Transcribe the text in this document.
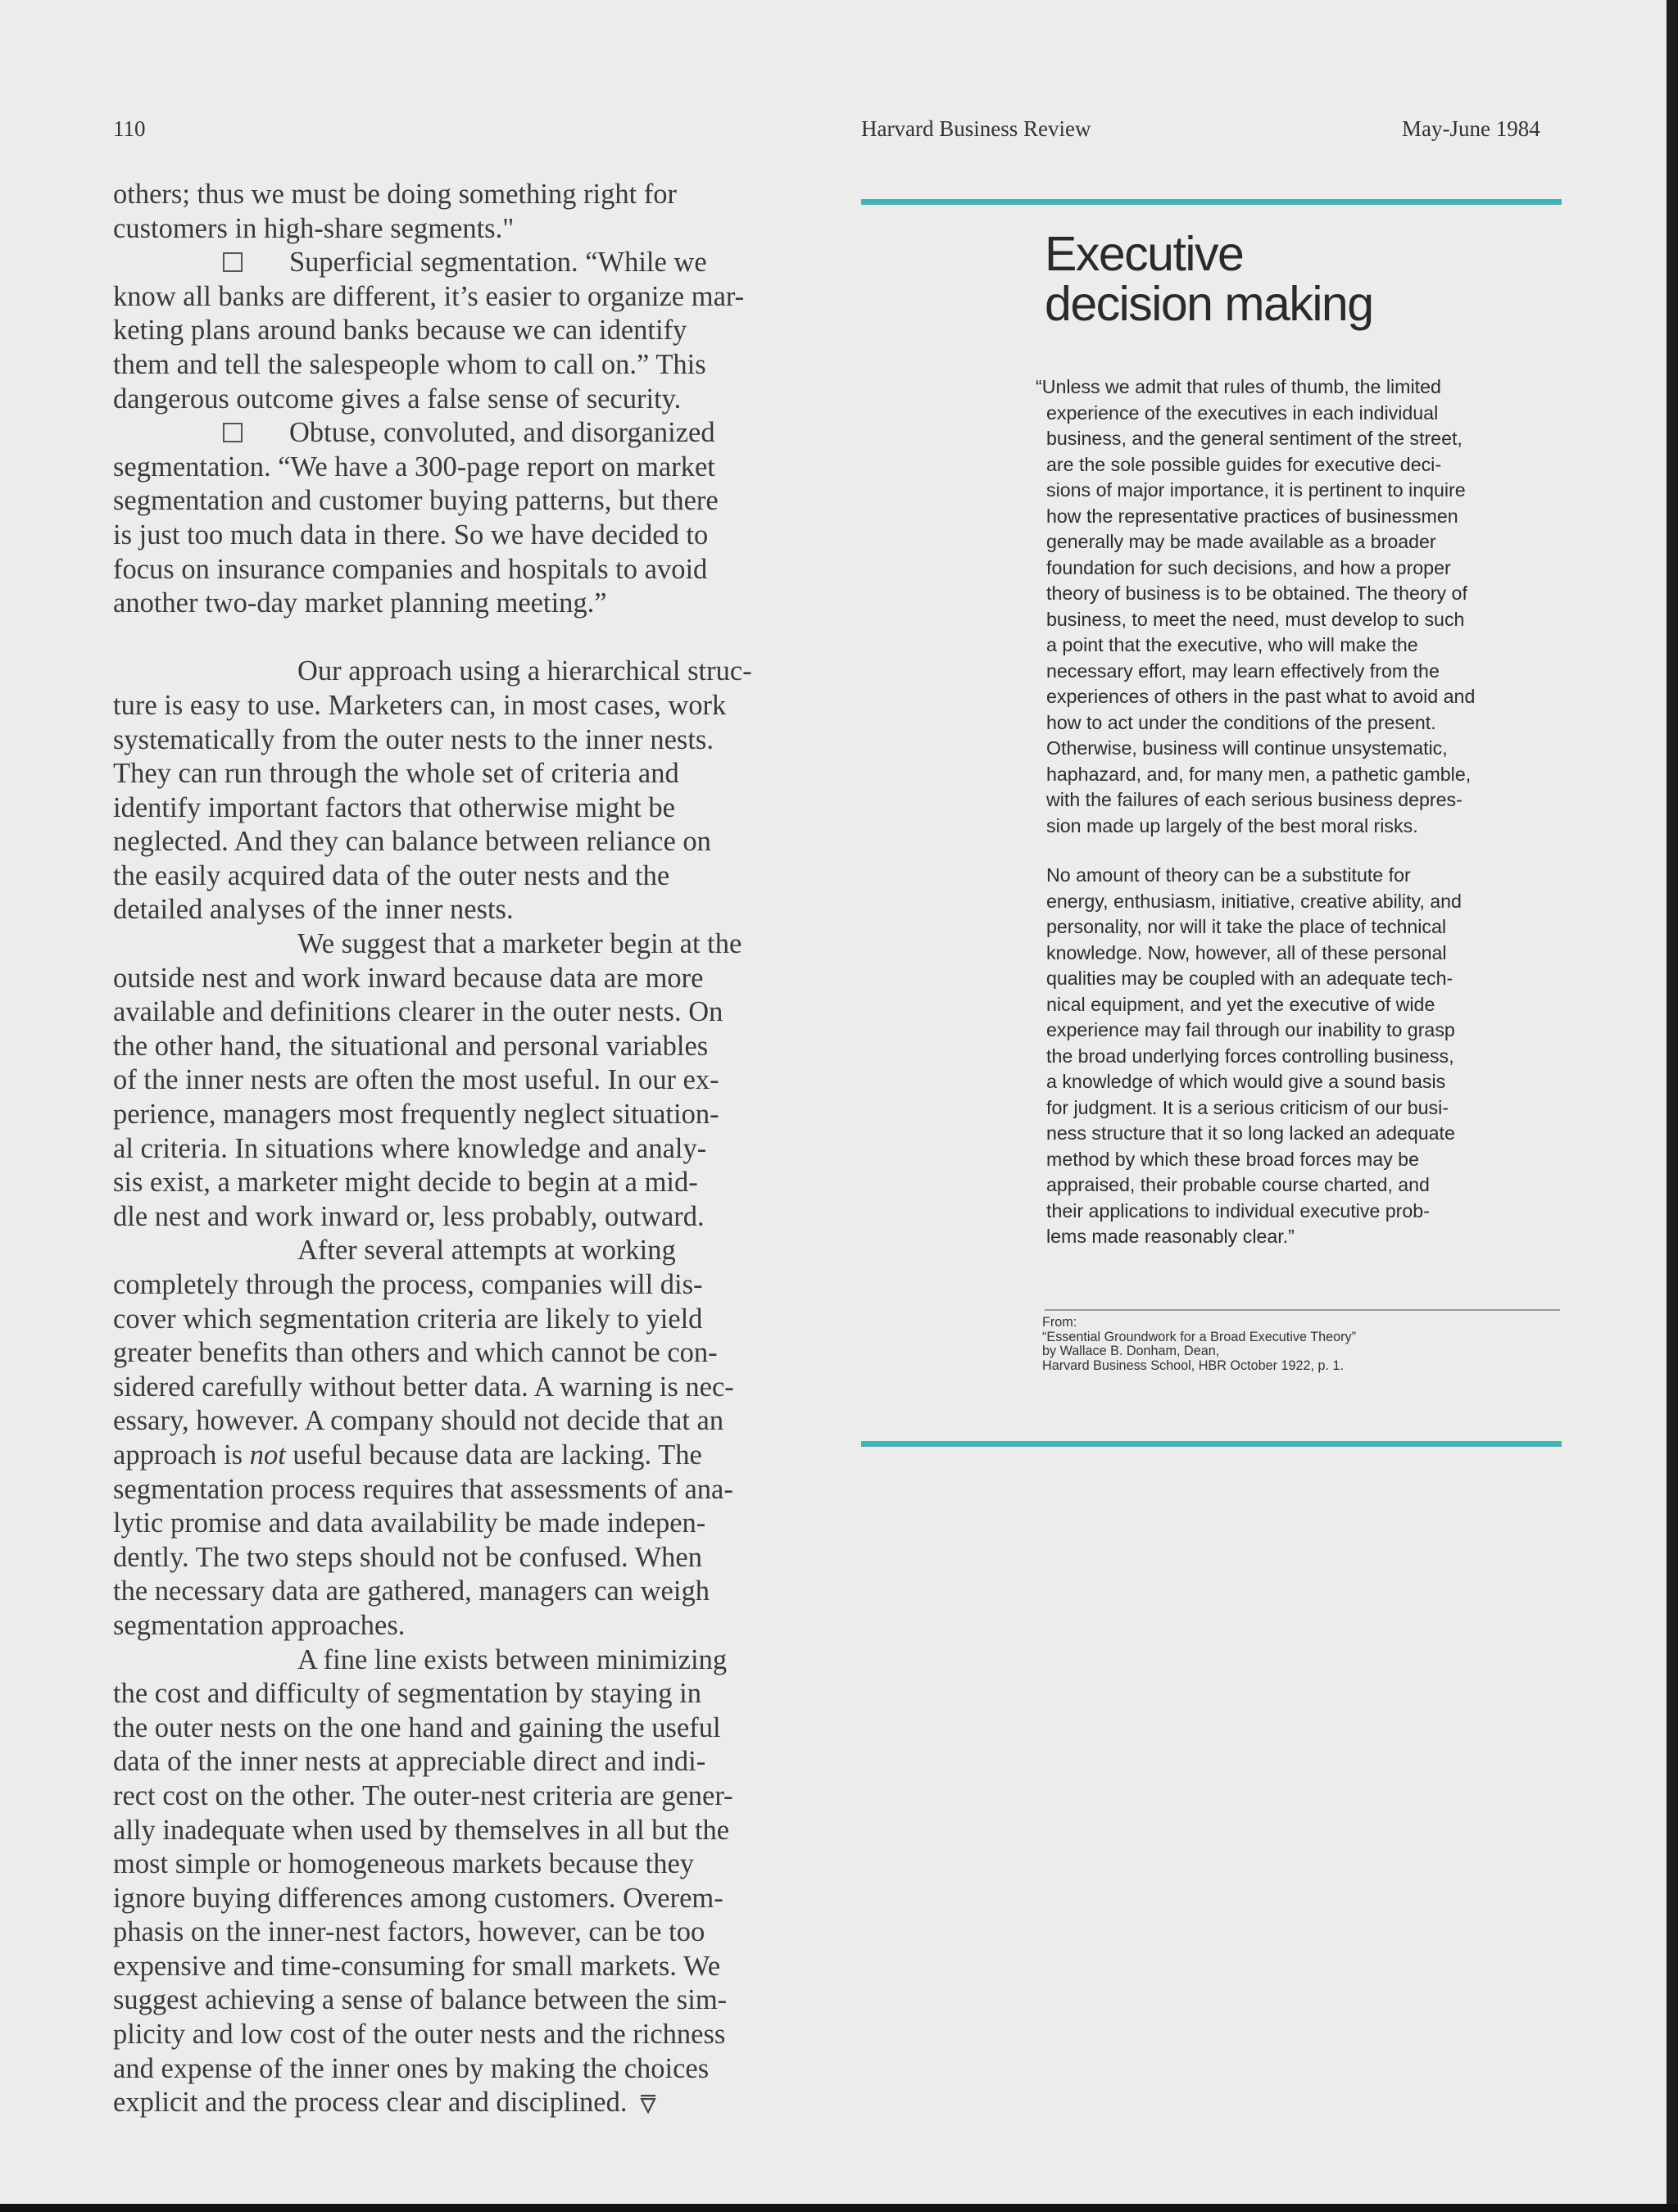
110	Harvard Business Review	May-June 1984
others; thus we must be doing something right for
customers in high-share segments."
Superficial segmentation. “While we
know all banks are different, it’s easier to organize mar-
keting plans around banks because we can identify
them and tell the salespeople whom to call on.” This
dangerous outcome gives a false sense of security.
Obtuse, convoluted, and disorganized
segmentation. “We have a 300-page report on market
segmentation and customer buying patterns, but there
is just too much data in there. So we have decided to
focus on insurance companies and hospitals to avoid
another two-day market planning meeting.”
Our approach using a hierarchical struc-
ture is easy to use. Marketers can, in most cases, work
systematically from the outer nests to the inner nests.
They can run through the whole set of criteria and
identify important factors that otherwise might be
neglected. And they can balance between reliance on
the easily acquired data of the outer nests and the
detailed analyses of the inner nests.
We suggest that a marketer begin at the
outside nest and work inward because data are more
available and definitions clearer in the outer nests. On
the other hand, the situational and personal variables
of the inner nests are often the most useful. In our ex-
perience, managers most frequently neglect situation-
al criteria. In situations where knowledge and analy-
sis exist, a marketer might decide to begin at a mid-
dle nest and work inward or, less probably, outward.
After several attempts at working
completely through the process, companies will dis-
cover which segmentation criteria are likely to yield
greater benefits than others and which cannot be con-
sidered carefully without better data. A warning is nec-
essary, however. A company should not decide that an
approach is not useful because data are lacking. The
segmentation process requires that assessments of ana-
lytic promise and data availability be made indepen-
dently. The two steps should not be confused. When
the necessary data are gathered, managers can weigh
segmentation approaches.
A fine line exists between minimizing
the cost and difficulty of segmentation by staying in
the outer nests on the one hand and gaining the useful
data of the inner nests at appreciable direct and indi-
rect cost on the other. The outer-nest criteria are gener-
ally inadequate when used by themselves in all but the
most simple or homogeneous markets because they
ignore buying differences among customers. Overem-
phasis on the inner-nest factors, however, can be too
expensive and time-consuming for small markets. We
suggest achieving a sense of balance between the sim-
plicity and low cost of the outer nests and the richness
and expense of the inner ones by making the choices
explicit and the process clear and disciplined.
Executive
decision making
“Unless we admit that rules of thumb, the limited
experience of the executives in each individual
business, and the general sentiment of the street,
are the sole possible guides for executive deci-
sions of major importance, it is pertinent to inquire
how the representative practices of businessmen
generally may be made available as a broader
foundation for such decisions, and how a proper
theory of business is to be obtained. The theory of
business, to meet the need, must develop to such
a point that the executive, who will make the
necessary effort, may learn effectively from the
experiences of others in the past what to avoid and
how to act under the conditions of the present.
Otherwise, business will continue unsystematic,
haphazard, and, for many men, a pathetic gamble,
with the failures of each serious business depres-
sion made up largely of the best moral risks.
No amount of theory can be a substitute for
energy, enthusiasm, initiative, creative ability, and
personality, nor will it take the place of technical
knowledge. Now, however, all of these personal
qualities may be coupled with an adequate tech-
nical equipment, and yet the executive of wide
experience may fail through our inability to grasp
the broad underlying forces controlling business,
a knowledge of which would give a sound basis
for judgment. It is a serious criticism of our busi-
ness structure that it so long lacked an adequate
method by which these broad forces may be
appraised, their probable course charted, and
their applications to individual executive prob-
lems made reasonably clear.”
From:
“Essential Groundwork for a Broad Executive Theory”
by Wallace B. Donham, Dean,
Harvard Business School, HBR October 1922, p. 1.
